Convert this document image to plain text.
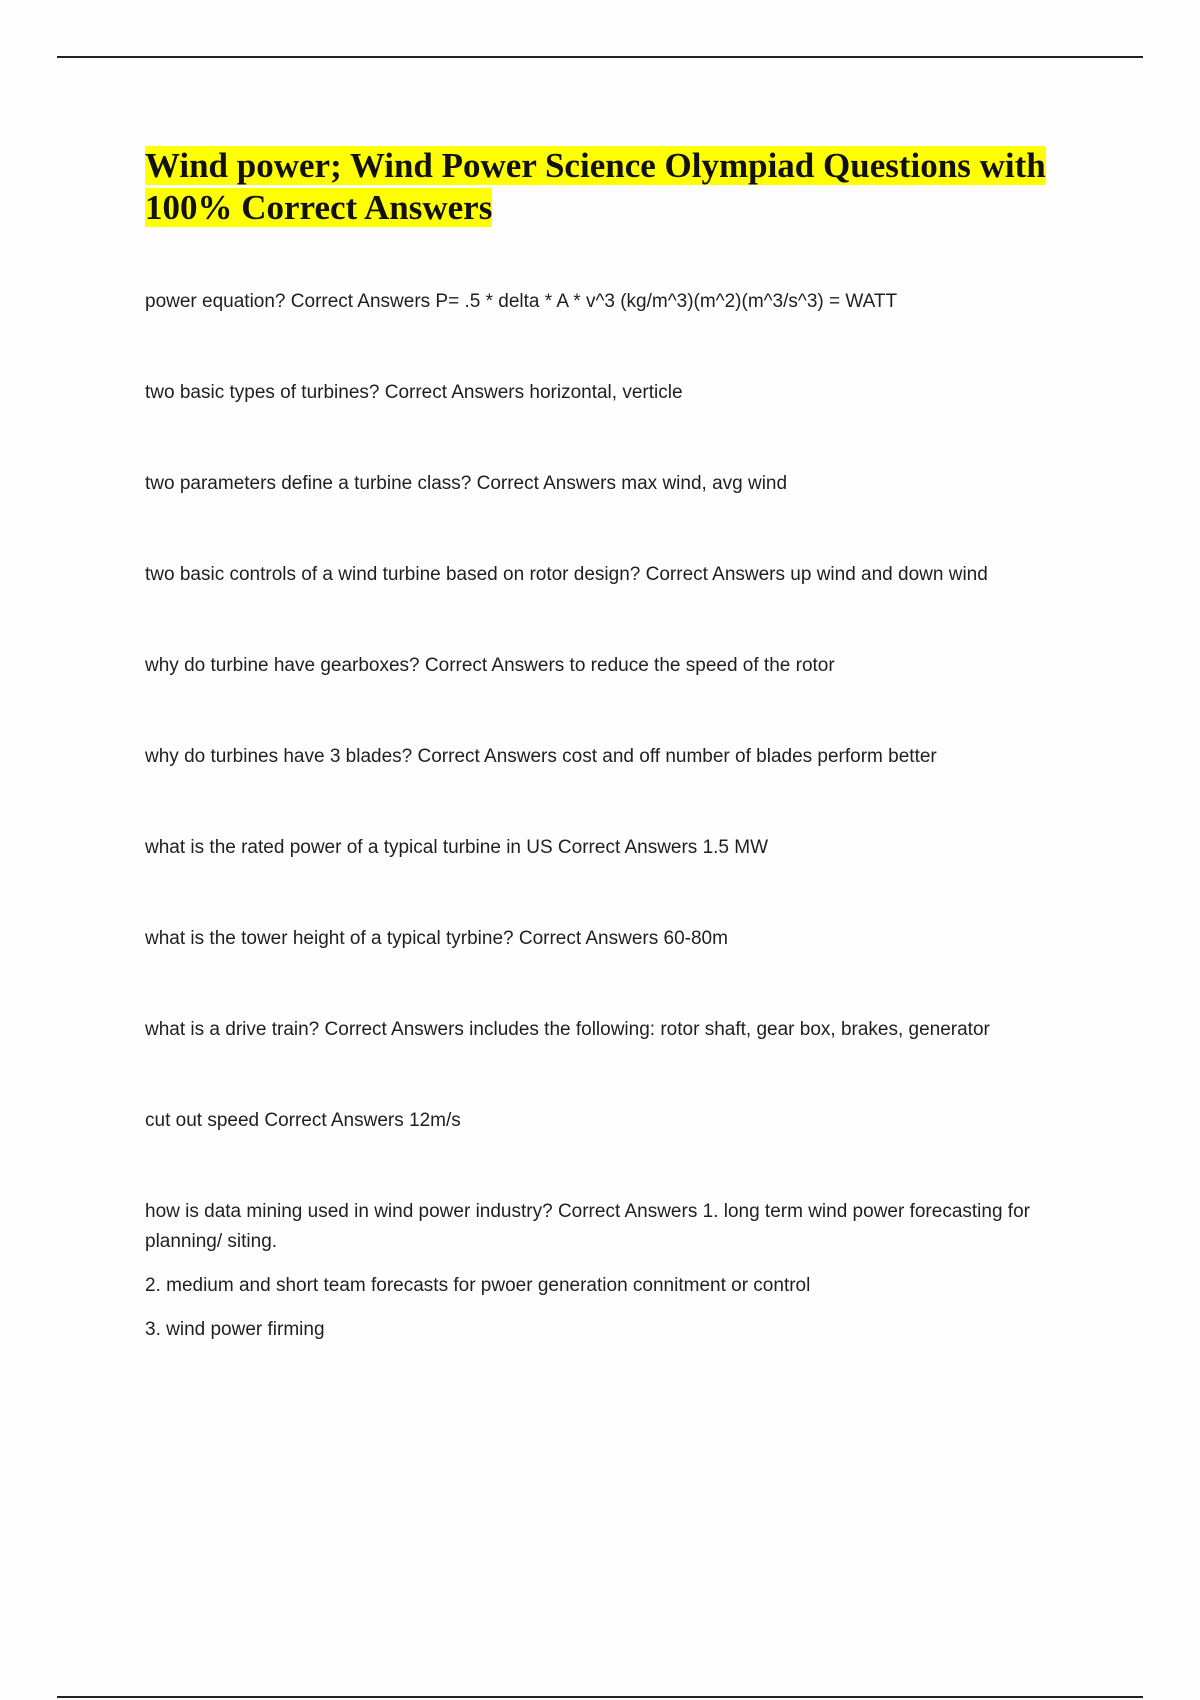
Wind power; Wind Power Science Olympiad Questions with 100% Correct Answers
power equation? Correct Answers P= .5 * delta * A * v^3 (kg/m^3)(m^2)(m^3/s^3) = WATT
two basic types of turbines? Correct Answers horizontal, verticle
two parameters define a turbine class? Correct Answers max wind, avg wind
two basic controls of a wind turbine based on rotor design? Correct Answers up wind and down wind
why do turbine have gearboxes? Correct Answers to reduce the speed of the rotor
why do turbines have 3 blades? Correct Answers cost and off number of blades perform better
what is the rated power of a typical turbine in US Correct Answers 1.5 MW
what is the tower height of a typical tyrbine? Correct Answers 60-80m
what is a drive train? Correct Answers includes the following: rotor shaft, gear box, brakes, generator
cut out speed Correct Answers 12m/s
how is data mining used in wind power industry? Correct Answers 1. long term wind power forecasting for planning/ siting.
2. medium and short team forecasts for pwoer generation connitment or control
3. wind power firming
